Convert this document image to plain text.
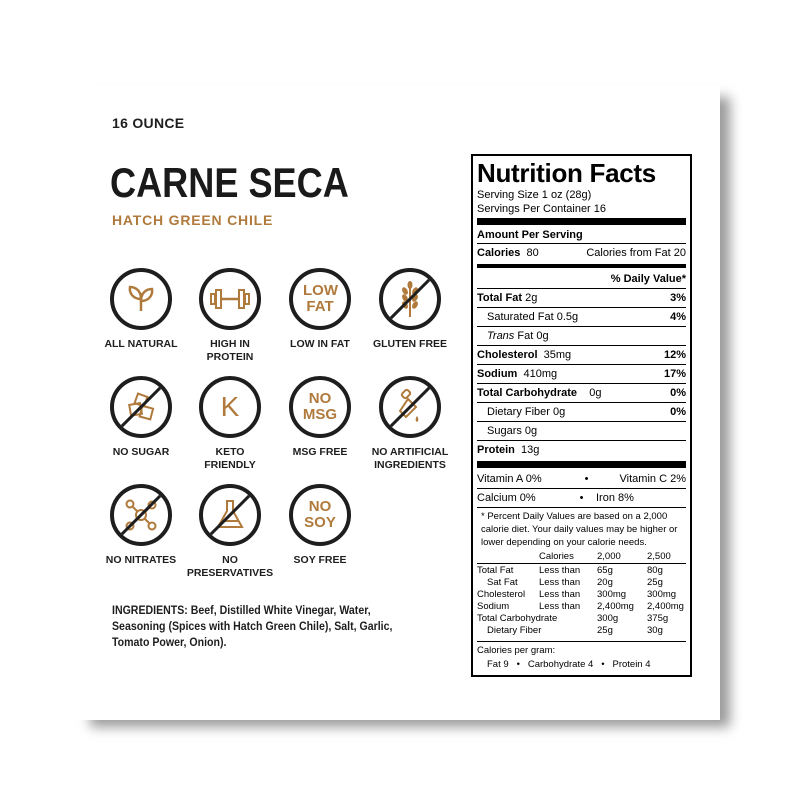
16 OUNCE
CARNE SECA
HATCH GREEN CHILE
ALL NATURAL	HIGH IN PROTEIN
LOW FAT
LOW IN FAT	GLUTEN FREE
NO SUGAR
K
KETO FRIENDLY
NO MSG
MSG FREE	NO ARTIFICIAL INGREDIENTS
NO NITRATES	NO PRESERVATIVES
NO SOY
SOY FREE
INGREDIENTS: Beef, Distilled White Vinegar, Water, Seasoning (Spices with Hatch Green Chile), Salt, Garlic, Tomato Power, Onion).
Nutrition Facts
Serving Size 1 oz (28g)
Servings Per Container 16
Amount Per Serving
Calories 80	Calories from Fat 20
% Daily Value*
Total Fat 2g	3%
Saturated Fat 0.5g	4%
Trans Fat 0g
Cholesterol 35mg	12%
Sodium 410mg	17%
Total Carbohydrate 0g	0%
Dietary Fiber 0g	0%
Sugars 0g
Protein 13g
Vitamin A 0%	•	Vitamin C 2%
Calcium 0%	•	Iron 8%
* Percent Daily Values are based on a 2,000 calorie diet. Your daily values may be higher or lower depending on your calorie needs.
	Calories	2,000	2,500

Total Fat	Less than	65g	80g
Sat Fat	Less than	20g	25g
Cholesterol	Less than	300mg	300mg
Sodium	Less than	2,400mg	2,400mg
Total Carbohydrate		300g	375g
Dietary Fiber		25g	30g
Calories per gram:
Fat 9 • Carbohydrate 4 • Protein 4
